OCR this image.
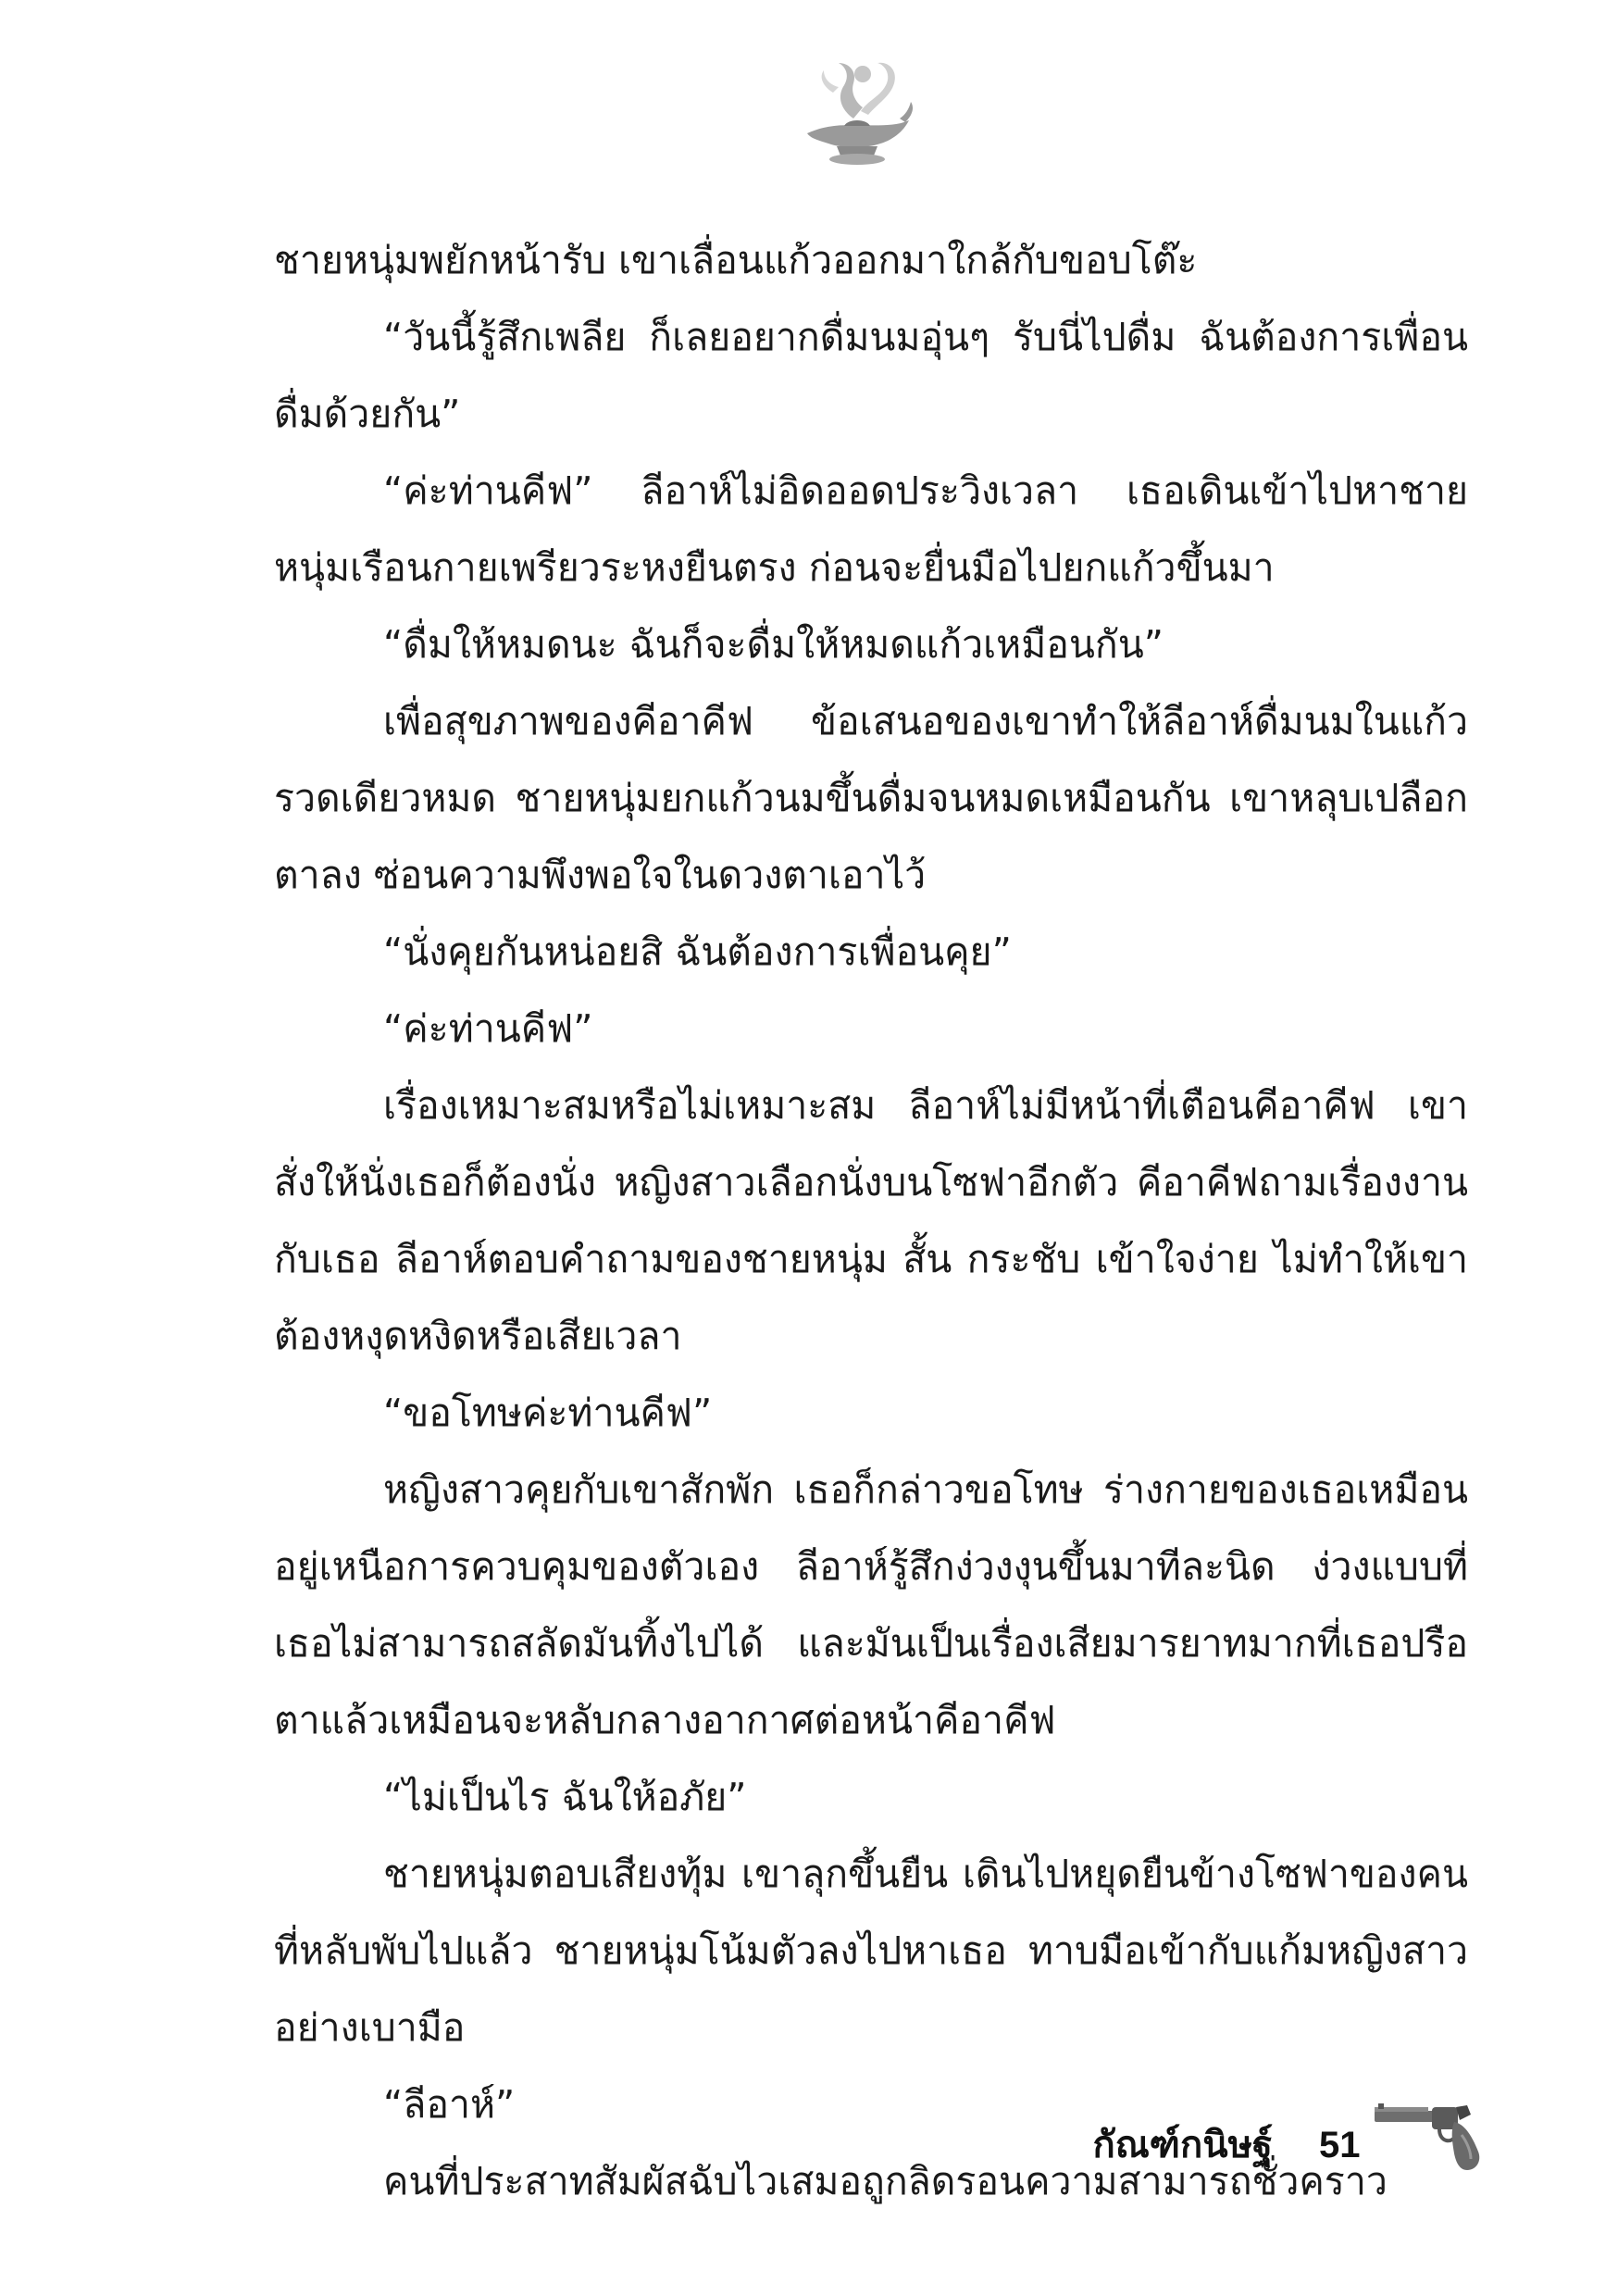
ชายหนุ่มพยักหน้ารับ เขาเลื่อนแก้วออกมาใกล้กับขอบโต๊ะ

“วันนี้รู้สึกเพลีย ก็เลยอยากดื่มนมอุ่นๆ รับนี่ไปดื่ม ฉันต้องการเพื่อนดื่มด้วยกัน”

“ค่ะท่านคีฟ” ลีอาห์ไม่อิดออดประวิงเวลา เธอเดินเข้าไปหาชายหนุ่มเรือนกายเพรียวระหงยืนตรง ก่อนจะยื่นมือไปยกแก้วขึ้นมา

“ดื่มให้หมดนะ ฉันก็จะดื่มให้หมดแก้วเหมือนกัน”

เพื่อสุขภาพของคีอาคีฟ ข้อเสนอของเขาทำให้ลีอาห์ดื่มนมในแก้วรวดเดียวหมด ชายหนุ่มยกแก้วนมขึ้นดื่มจนหมดเหมือนกัน เขาหลุบเปลือกตาลง ซ่อนความพึงพอใจในดวงตาเอาไว้

“นั่งคุยกันหน่อยสิ ฉันต้องการเพื่อนคุย”

“ค่ะท่านคีฟ”

เรื่องเหมาะสมหรือไม่เหมาะสม ลีอาห์ไม่มีหน้าที่เตือนคีอาคีฟ เขาสั่งให้นั่งเธอก็ต้องนั่ง หญิงสาวเลือกนั่งบนโซฟาอีกตัว คีอาคีฟถามเรื่องงานกับเธอ ลีอาห์ตอบคำถามของชายหนุ่ม สั้น กระชับ เข้าใจง่าย ไม่ทำให้เขาต้องหงุดหงิดหรือเสียเวลา

“ขอโทษค่ะท่านคีฟ”

หญิงสาวคุยกับเขาสักพัก เธอก็กล่าวขอโทษ ร่างกายของเธอเหมือนอยู่เหนือการควบคุมของตัวเอง ลีอาห์รู้สึกง่วงงุนขึ้นมาทีละนิด ง่วงแบบที่เธอไม่สามารถสลัดมันทิ้งไปได้ และมันเป็นเรื่องเสียมารยาทมากที่เธอปรือตาแล้วเหมือนจะหลับกลางอากาศต่อหน้าคีอาคีฟ

“ไม่เป็นไร ฉันให้อภัย”

ชายหนุ่มตอบเสียงทุ้ม เขาลุกขึ้นยืน เดินไปหยุดยืนข้างโซฟาของคนที่หลับพับไปแล้ว ชายหนุ่มโน้มตัวลงไปหาเธอ ทาบมือเข้ากับแก้มหญิงสาวอย่างเบามือ

“ลีอาห์”

คนที่ประสาทสัมผัสฉับไวเสมอถูกลิดรอนความสามารถชั่วคราว

กัณฑ์กนิษฐ์ 51
